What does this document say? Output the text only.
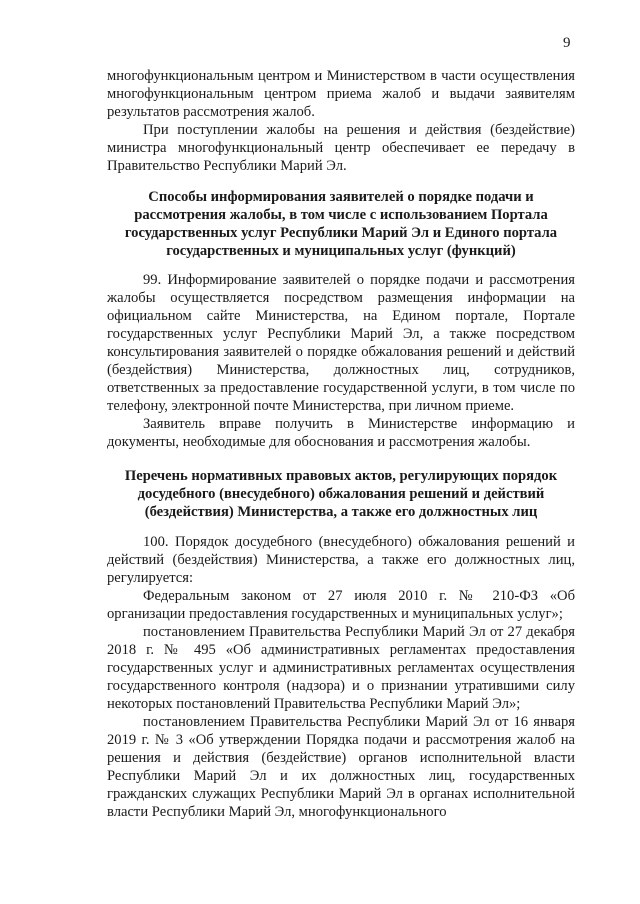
9

многофункциональным центром и Министерством в части осуществления многофункциональным центром приема жалоб и выдачи заявителям результатов рассмотрения жалоб.

При поступлении жалобы на решения и действия (бездействие) министра многофункциональный центр обеспечивает ее передачу в Правительство Республики Марий Эл.

Способы информирования заявителей о порядке подачи и рассмотрения жалобы, в том числе с использованием Портала государственных услуг Республики Марий Эл и Единого портала государственных и муниципальных услуг (функций)

99. Информирование заявителей о порядке подачи и рассмотрения жалобы осуществляется посредством размещения информации на официальном сайте Министерства, на Едином портале, Портале государственных услуг Республики Марий Эл, а также посредством консультирования заявителей о порядке обжалования решений и действий (бездействия) Министерства, должностных лиц, сотрудников, ответственных за предоставление государственной услуги, в том числе по телефону, электронной почте Министерства, при личном приеме.

Заявитель вправе получить в Министерстве информацию и документы, необходимые для обоснования и рассмотрения жалобы.

Перечень нормативных правовых актов, регулирующих порядок досудебного (внесудебного) обжалования решений и действий (бездействия) Министерства, а также его должностных лиц

100. Порядок досудебного (внесудебного) обжалования решений и действий (бездействия) Министерства, а также его должностных лиц, регулируется:

Федеральным законом от 27 июля 2010 г. № 210-ФЗ «Об организации предоставления государственных и муниципальных услуг»;

постановлением Правительства Республики Марий Эл от 27 декабря 2018 г. № 495 «Об административных регламентах предоставления государственных услуг и административных регламентах осуществления государственного контроля (надзора) и о признании утратившими силу некоторых постановлений Правительства Республики Марий Эл»;

постановлением Правительства Республики Марий Эл от 16 января 2019 г. № 3 «Об утверждении Порядка подачи и рассмотрения жалоб на решения и действия (бездействие) органов исполнительной власти Республики Марий Эл и их должностных лиц, государственных гражданских служащих Республики Марий Эл в органах исполнительной власти Республики Марий Эл, многофункционального
